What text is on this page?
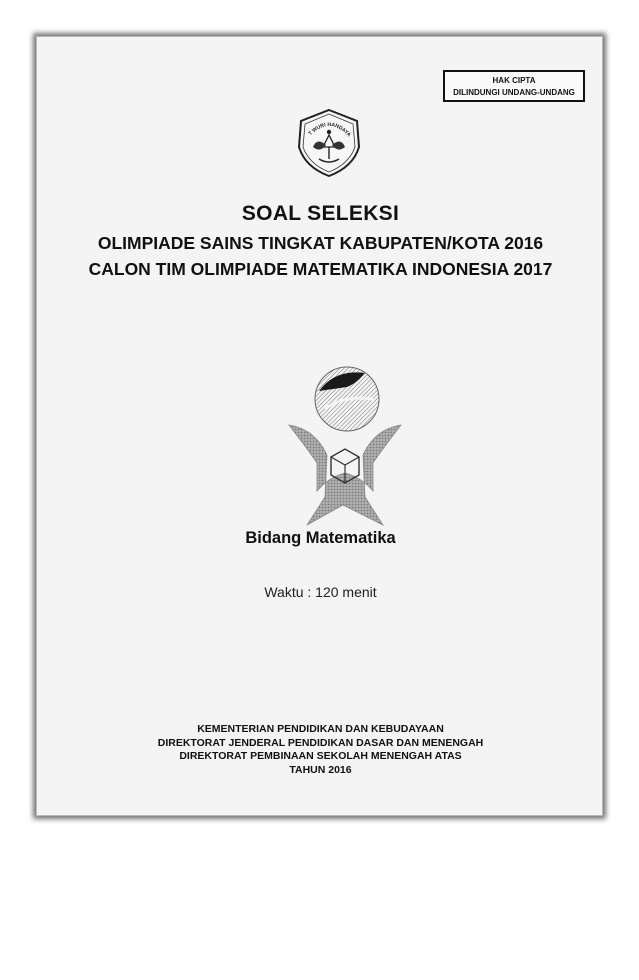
HAK CIPTA
DILINDUNGI UNDANG-UNDANG
T WURI HANDAYA
SOAL SELEKSI
OLIMPIADE SAINS TINGKAT KABUPATEN/KOTA 2016
CALON TIM OLIMPIADE MATEMATIKA INDONESIA 2017
Bidang Matematika
Waktu : 120 menit
KEMENTERIAN PENDIDIKAN DAN KEBUDAYAAN
DIREKTORAT JENDERAL PENDIDIKAN DASAR DAN MENENGAH
DIREKTORAT PEMBINAAN SEKOLAH MENENGAH ATAS
TAHUN 2016
